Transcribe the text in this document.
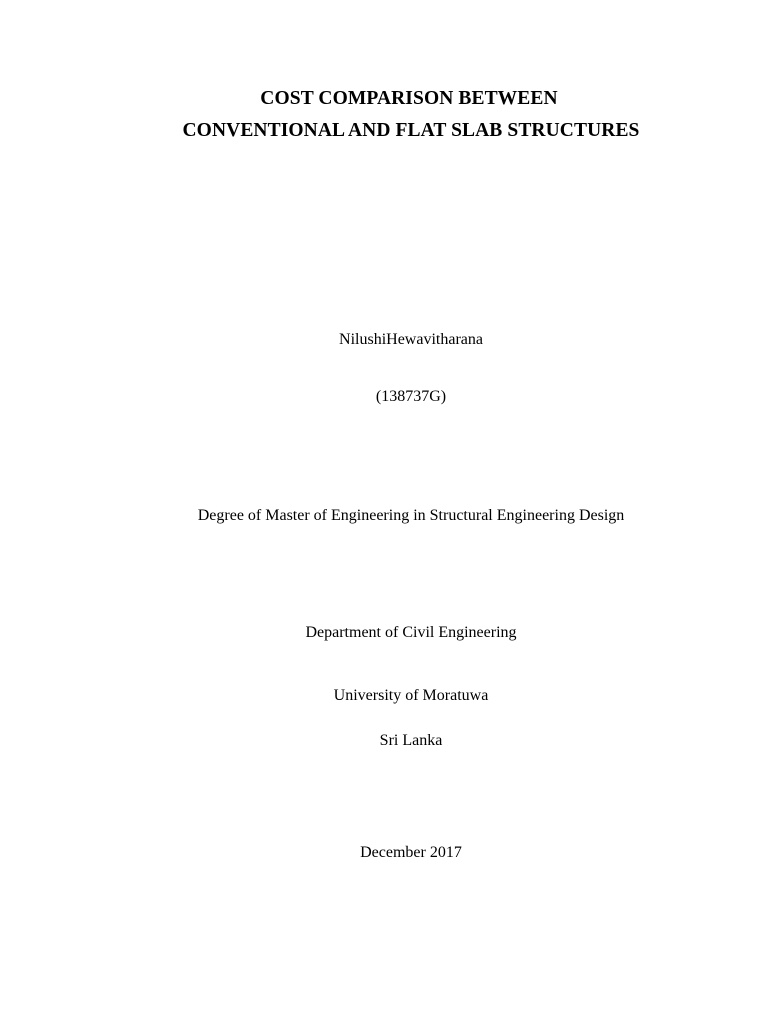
COST COMPARISON BETWEEN
CONVENTIONAL AND FLAT SLAB STRUCTURES
NilushiHewavitharana
(138737G)
Degree of Master of Engineering in Structural Engineering Design
Department of Civil Engineering
University of Moratuwa
Sri Lanka
December 2017
